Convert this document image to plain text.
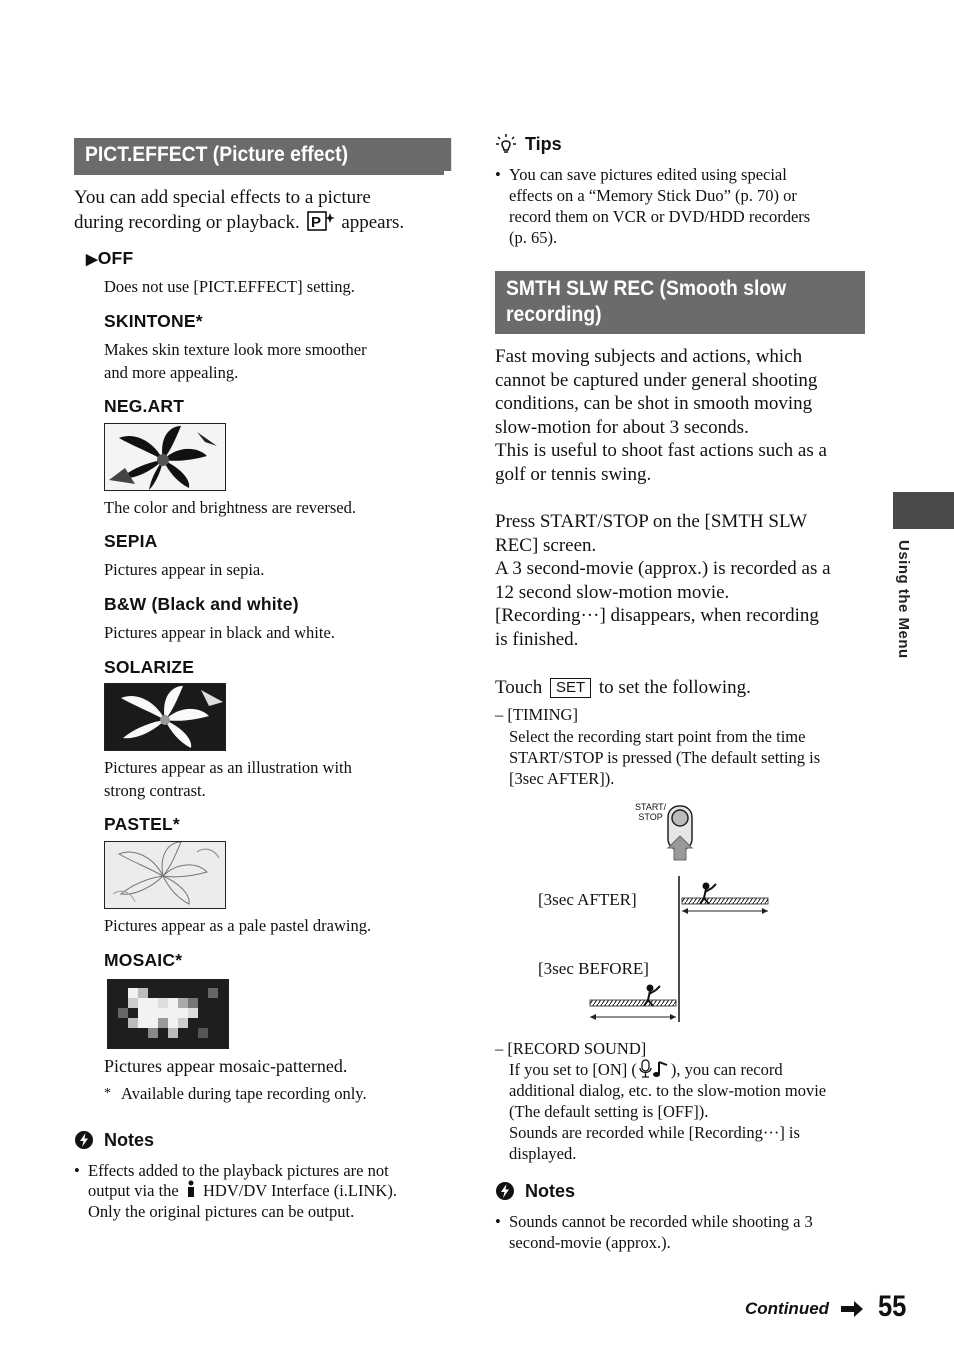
PICT.EFFECT (Picture effect)
You can add special effects to a picture
during recording or playback. P appears.
▶OFF
Does not use [PICT.EFFECT] setting.
SKINTONE*
Makes skin texture look more smoother
and more appealing.
NEG.ART
The color and brightness are reversed.
SEPIA
Pictures appear in sepia.
B&W (Black and white)
Pictures appear in black and white.
SOLARIZE
Pictures appear as an illustration with
strong contrast.
PASTEL*
Pictures appear as a pale pastel drawing.
MOSAIC*
Pictures appear mosaic-patterned.
* Available during tape recording only.
Notes
• Effects added to the playback pictures are not
output via the HDV/DV Interface (i.LINK).
Only the original pictures can be output.
Tips
• You can save pictures edited using special
effects on a “Memory Stick Duo” (p. 70) or
record them on VCR or DVD/HDD recorders
(p. 65).
SMTH SLW REC (Smooth slow
recording)
Fast moving subjects and actions, which
cannot be captured under general shooting
conditions, can be shot in smooth moving
slow-motion for about 3 seconds.
This is useful to shoot fast actions such as a
golf or tennis swing.
Press START/STOP on the [SMTH SLW
REC] screen.
A 3 second-movie (approx.) is recorded as a
12 second slow-motion movie.
[Recording···] disappears, when recording
is finished.
Touch SET to set the following.
– [TIMING]
Select the recording start point from the time
START/STOP is pressed (The default setting is
[3sec AFTER]).
START/
STOP
[3sec AFTER]
[3sec BEFORE]
– [RECORD SOUND]
If you set to [ON] ( ), you can record
additional dialog, etc. to the slow-motion movie
(The default setting is [OFF]).
Sounds are recorded while [Recording···] is
displayed.
Notes
• Sounds cannot be recorded while shooting a 3
second-movie (approx.).
Using the Menu
Continued 55
